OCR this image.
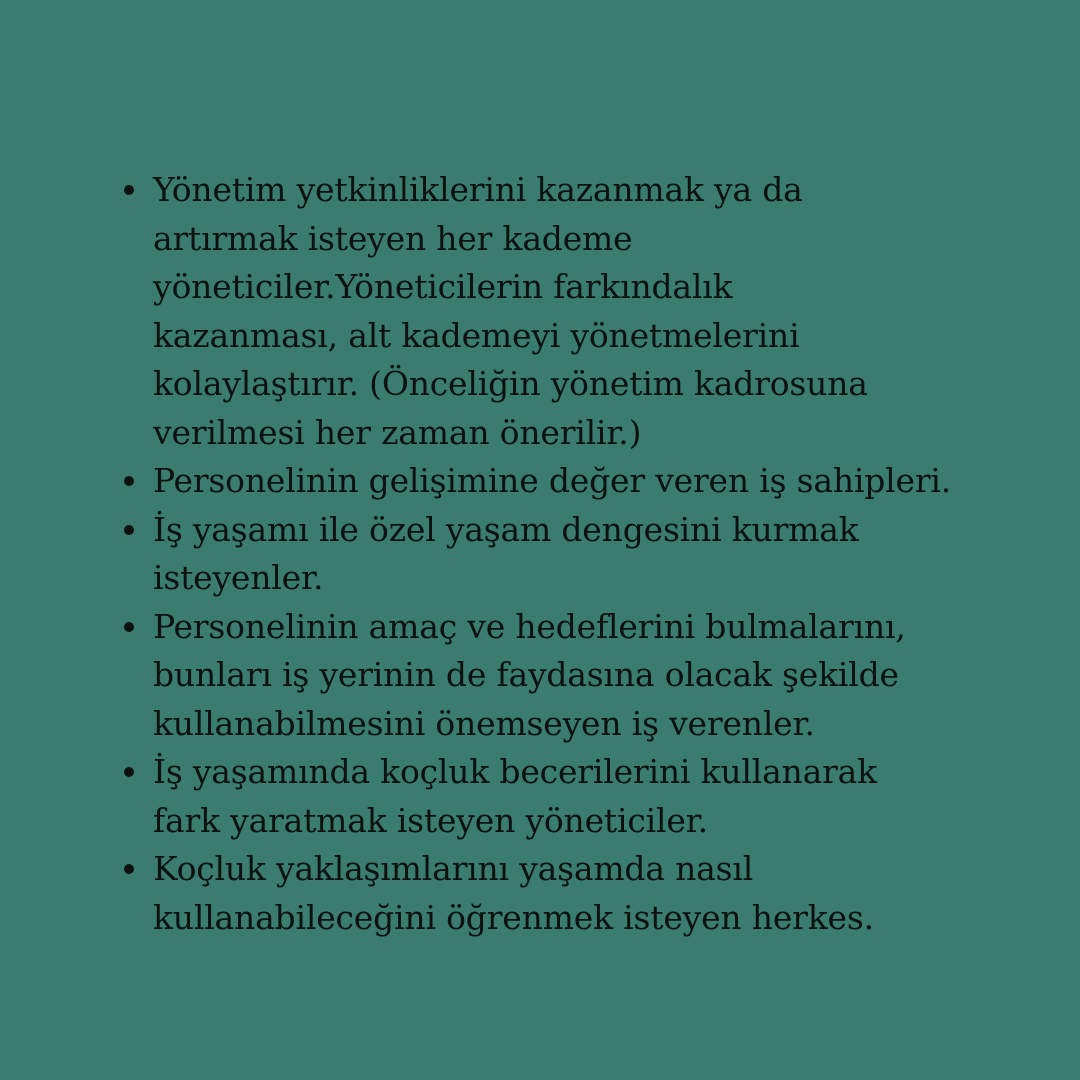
Yönetim yetkinliklerini kazanmak ya da
artırmak isteyen her kademe
yöneticiler.Yöneticilerin farkındalık
kazanması, alt kademeyi yönetmelerini
kolaylaştırır. (Önceliğin yönetim kadrosuna
verilmesi her zaman önerilir.)
Personelinin gelişimine değer veren iş sahipleri.
İş yaşamı ile özel yaşam dengesini kurmak
isteyenler.
Personelinin amaç ve hedeflerini bulmalarını,
bunları iş yerinin de faydasına olacak şekilde
kullanabilmesini önemseyen iş verenler.
İş yaşamında koçluk becerilerini kullanarak
fark yaratmak isteyen yöneticiler.
Koçluk yaklaşımlarını yaşamda nasıl
kullanabileceğini öğrenmek isteyen herkes.
